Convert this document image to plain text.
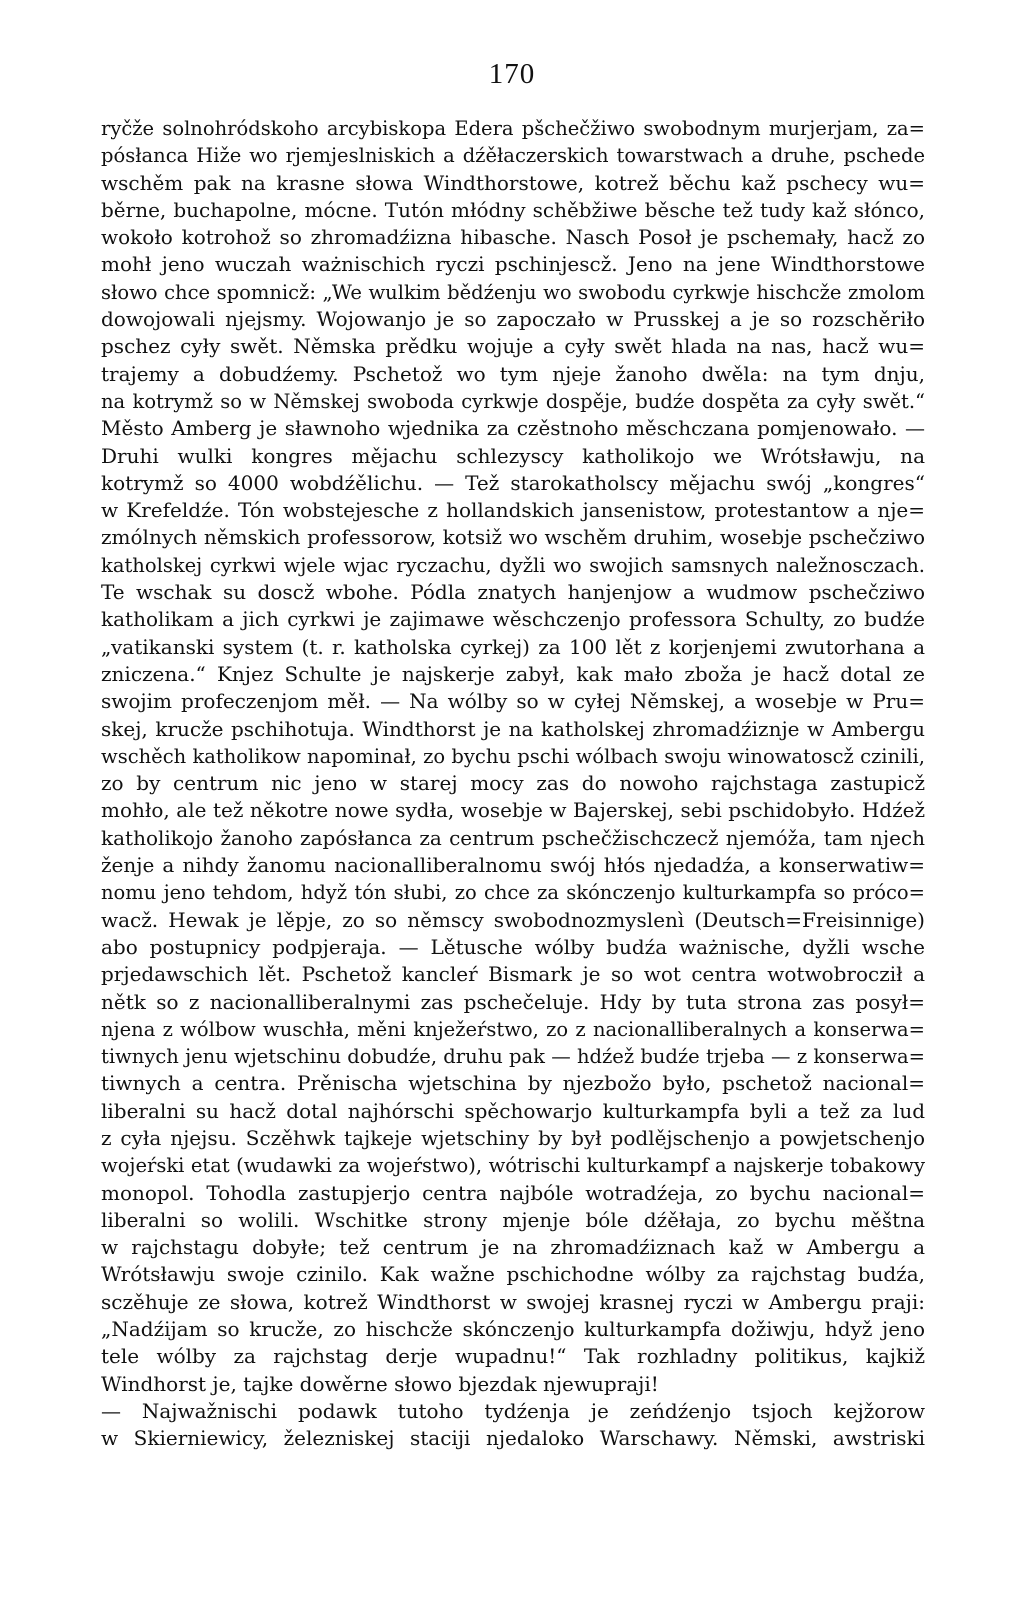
170
ryčže solnohródskoho arcybiskopa Edera pšchečžiwo swobodnym murjerjam, za=
pósłanca Hiže wo rjemjeslniskich a dźěłaczerskich towarstwach a druhe, pschede
wschěm pak na krasne słowa Windthorstowe, kotrež běchu kaž pschecy wu=
běrne, buchapolne, mócne. Tutón młódny schěbžiwe běsche tež tudy kaž słónco,
wokoło kotrohož so zhromadźizna hibasche. Nasch Posoł je pschemały, hacž zo
mohł jeno wuczah ważnischich ryczi pschinjescž. Jeno na jene Windthorstowe
słowo chce spomnicž: „We wulkim bědźenju wo swobodu cyrkwje hischcže zmolom
dowojowali njejsmy. Wojowanjo je so zapoczało w Prusskej a je so rozschěriło
pschez cyły swět. Němska prědku wojuje a cyły swět hlada na nas, hacž wu=
trajemy a dobudźemy. Pschetož wo tym njeje žanoho dwěla: na tym dnju,
na kotrymž so w Němskej swoboda cyrkwje dospěje, budźe dospěta za cyły swět.“
Město Amberg je sławnoho wjednika za czěstnoho měschczana pomjenowało. —
Druhi wulki kongres mějachu schlezyscy katholikojo we Wrótsławju, na
kotrymž so 4000 wobdźělichu. — Tež starokatholscy mějachu swój „kongres“
w Krefeldźe. Tón wobstejesche z hollandskich jansenistow, protestantow a nje=
zmólnych němskich professorow, kotsiž wo wschěm druhim, wosebje pschečziwo
katholskej cyrkwi wjele wjac ryczachu, dyžli wo swojich samsnych naležnosczach.
Te wschak su doscž wbohe. Pódla znatych hanjenjow a wudmow pschečziwo
katholikam a jich cyrkwi je zajimawe wěschczenjo professora Schulty, zo budźe
„vatikanski system (t. r. katholska cyrkej) za 100 lět z korjenjemi zwutorhana a
zniczena.“ Knjez Schulte je najskerje zabył, kak mało zboža je hacž dotal ze
swojim profeczenjom měł. — Na wólby so w cyłej Němskej, a wosebje w Pru=
skej, krucže pschihotuja. Windthorst je na katholskej zhromadźiznje w Ambergu
wschěch katholikow napominał, zo bychu pschi wólbach swoju winowatoscž czinili,
zo by centrum nic jeno w starej mocy zas do nowoho rajchstaga zastupicž
mohło, ale tež někotre nowe sydła, wosebje w Bajerskej, sebi pschidobyło. Hdźež
katholikojo žanoho zapósłanca za centrum pschečžischczecž njemóža, tam njech
ženje a nihdy žanomu nacionalliberalnomu swój hłós njedadźa, a konserwatiw=
nomu jeno tehdom, hdyž tón słubi, zo chce za skónczenjo kulturkampfa so próco=
wacž. Hewak je lěpje, zo so němscy swobodnozmyslenì (Deutsch=Freisinnige)
abo postupnicy podpjeraja. — Lětusche wólby budźa ważnische, dyžli wsche
prjedawschich lět. Pschetož kancleŕ Bismark je so wot centra wotwobrocził a
nětk so z nacionalliberalnymi zas pschečeluje. Hdy by tuta strona zas posył=
njena z wólbow wuschła, měni knježeŕstwo, zo z nacionalliberalnych a konserwa=
tiwnych jenu wjetschinu dobudźe, druhu pak — hdźež budźe trjeba — z konserwa=
tiwnych a centra. Prěnischa wjetschina by njezbožo było, pschetož nacional=
liberalni su hacž dotal najhórschi spěchowarjo kulturkampfa byli a tež za lud
z cyła njejsu. Sczěhwk tajkeje wjetschiny by był podlějschenjo a powjetschenjo
wojeŕski etat (wudawki za wojeŕstwo), wótrischi kulturkampf a najskerje tobakowy
monopol. Tohodla zastupjerjo centra najbóle wotradźeja, zo bychu nacional=
liberalni so wolili. Wschitke strony mjenje bóle dźěłaja, zo bychu měštna
w rajchstagu dobyłe; tež centrum je na zhromadźiznach kaž w Ambergu a
Wrótsławju swoje czinilo. Kak wažne pschichodne wólby za rajchstag budźa,
sczěhuje ze słowa, kotrež Windthorst w swojej krasnej ryczi w Ambergu praji:
„Nadźijam so krucže, zo hischcže skónczenjo kulturkampfa dožiwju, hdyž jeno
tele wólby za rajchstag derje wupadnu!“ Tak rozhladny politikus, kajkiž
Windhorst je, tajke dowěrne słowo bjezdak njewupraji!
— Najwažnischi podawk tutoho tydźenja je zeńdźenjo tsjoch kejžorow
w Skierniewicy, železniskej staciji njedaloko Warschawy. Němski, awstriski
